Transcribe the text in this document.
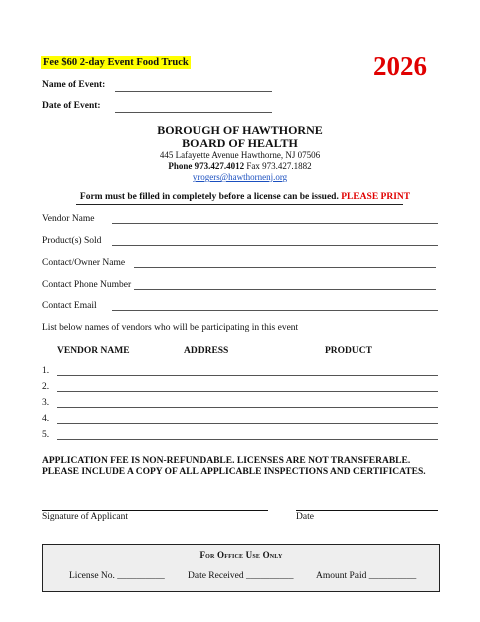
Fee $60 2-day Event Food Truck	2026
Name of Event:
Date of Event:
BOROUGH OF HAWTHORNE
BOARD OF HEALTH
445 Lafayette Avenue Hawthorne, NJ 07506
Phone 973.427.4012 Fax 973.427.1882
yrogers@hawthornenj.org
Form must be filled in completely before a license can be issued. PLEASE PRINT
Vendor Name
Product(s) Sold
Contact/Owner Name
Contact Phone Number
Contact Email
List below names of vendors who will be participating in this event
VENDOR NAME	ADDRESS	PRODUCT
1.
2.
3.
4.
5.
APPLICATION FEE IS NON-REFUNDABLE. LICENSES ARE NOT TRANSFERABLE.
PLEASE INCLUDE A COPY OF ALL APPLICABLE INSPECTIONS AND CERTIFICATES.
Signature of Applicant	Date
For Office Use Only
License No. __________ Date Received __________ Amount Paid __________
